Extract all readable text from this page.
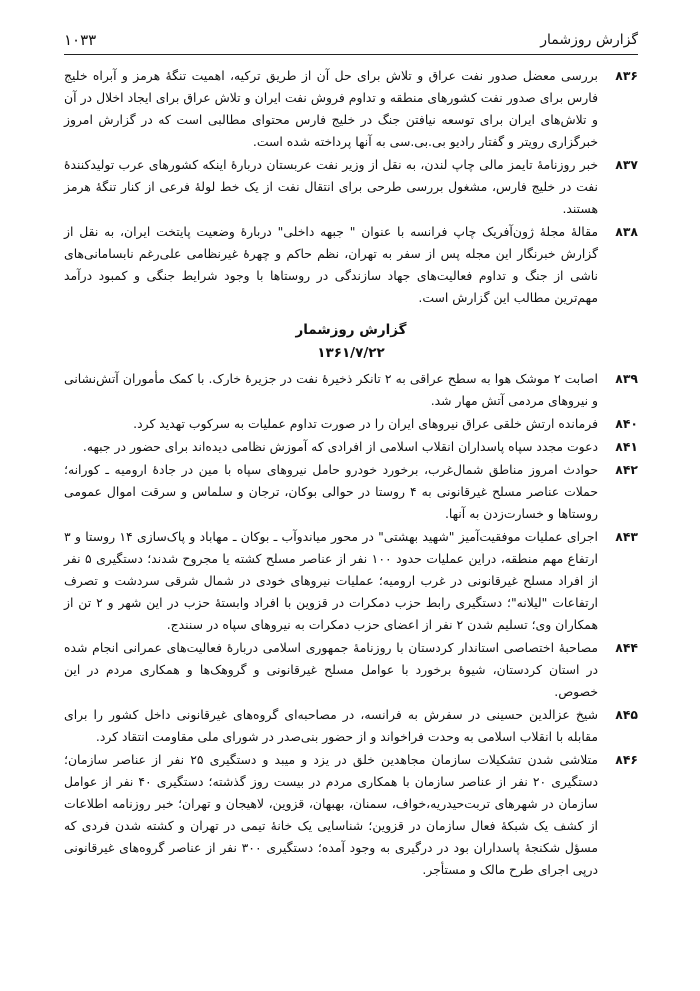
گزارش روزشمار
۱۰۳۳
۸۳۶
بررسی معضل صدور نفت عراق و تلاش برای حل آن از طریق ترکیه، اهمیت تنگهٔ هرمز و آبراه خلیج فارس برای صدور نفت کشورهای منطقه و تداوم فروش نفت ایران و تلاش عراق برای ایجاد اخلال در آن و تلاش‌های ایران برای توسعه نیافتن جنگ در خلیج فارس محتوای مطالبی است که در گزارش امروز خبرگزاری رویتر و گفتار رادیو بی.بی.سی به آنها پرداخته شده است.
۸۳۷
خبر روزنامهٔ تایمز مالی چاپ لندن، به نقل از وزیر نفت عربستان دربارهٔ اینکه کشورهای عرب تولیدکنندهٔ نفت در خلیج فارس، مشغول بررسی طرحی برای انتقال نفت از یک خط لولهٔ فرعی از کنار تنگهٔ هرمز هستند.
۸۳۸
مقالهٔ مجلهٔ ژون‌آفریک چاپ فرانسه با عنوان " جبهه داخلی" دربارهٔ وضعیت پایتخت ایران، به نقل از گزارش خبرنگار این مجله پس از سفر به تهران، نظم حاکم و چهرهٔ غیرنظامی علی‌رغم نابسامانی‌های ناشی از جنگ و تداوم فعالیت‌های جهاد سازندگی در روستاها با وجود شرایط جنگی و کمبود درآمد مهم‌ترین مطالب این گزارش است.
گزارش روزشمار
۱۳۶۱/۷/۲۲
۸۳۹
اصابت ۲ موشک هوا به سطح عراقی به ۲ تانکر ذخیرهٔ نفت در جزیرهٔ خارک. با کمک مأموران آتش‌نشانی و نیروهای مردمی آتش مهار شد.
۸۴۰
فرمانده ارتش خلقی عراق نیروهای ایران را در صورت تداوم عملیات به سرکوب تهدید کرد.
۸۴۱
دعوت مجدد سپاه پاسداران انقلاب اسلامی از افرادی که آموزش نظامی دیده‌اند برای حضور در جبهه.
۸۴۲
حوادث امروز مناطق شمال‌غرب، برخورد خودرو حامل نیروهای سپاه با مین در جادهٔ ارومیه ـ کورانه؛ حملات عناصر مسلح غیرقانونی به ۴ روستا در حوالی بوکان، ترجان و سلماس و سرقت اموال عمومی روستاها و خسارت‌زدن به آنها.
۸۴۳
اجرای عملیات موفقیت‌آمیز "شهید بهشتی" در محور میاندوآب ـ بوکان ـ مهاباد و پاک‌سازی ۱۴ روستا و ۳ ارتفاع مهم منطقه، دراین عملیات حدود ۱۰۰ نفر از عناصر مسلح کشته یا مجروح شدند؛ دستگیری ۵ نفر از افراد مسلح غیرقانونی در غرب ارومیه؛ عملیات نیروهای خودی در شمال شرقی سردشت و تصرف ارتفاعات "لیلانه"؛ دستگیری رابط حزب دمکرات در قزوین با افراد وابستهٔ حزب در این شهر و ۲ تن از همکاران وی؛ تسلیم شدن ۲ نفر از اعضای حزب دمکرات به نیروهای سپاه در سنندج.
۸۴۴
مصاحبهٔ اختصاصی استاندار کردستان با روزنامهٔ جمهوری اسلامی دربارهٔ فعالیت‌های عمرانی انجام شده در استان کردستان، شیوهٔ برخورد با عوامل مسلح غیرقانونی و گروهک‌ها و همکاری مردم در این خصوص.
۸۴۵
شیخ عزالدین حسینی در سفرش به فرانسه، در مصاحبه‌ای گروه‌های غیرقانونی داخل کشور را برای مقابله با انقلاب اسلامی به وحدت فراخواند و از حضور بنی‌صدر در شورای ملی مقاومت انتقاد کرد.
۸۴۶
متلاشی شدن تشکیلات سازمان مجاهدین خلق در یزد و میبد و دستگیری ۲۵ نفر از عناصر سازمان؛ دستگیری ۲۰ نفر از عناصر سازمان با همکاری مردم در بیست روز گذشته؛ دستگیری ۴۰ نفر از عوامل سازمان در شهرهای تربت‌حیدریه،خواف، سمنان، بهبهان، قزوین، لاهیجان و تهران؛ خبر روزنامه اطلاعات از کشف یک شبکهٔ فعال سازمان در قزوین؛ شناسایی یک خانهٔ تیمی در تهران و کشته شدن فردی که مسؤل شکنجهٔ پاسداران بود در درگیری به وجود آمده؛ دستگیری ۳۰۰ نفر از عناصر گروه‌های غیرقانونی درپی اجرای طرح مالک و مستأجر.
